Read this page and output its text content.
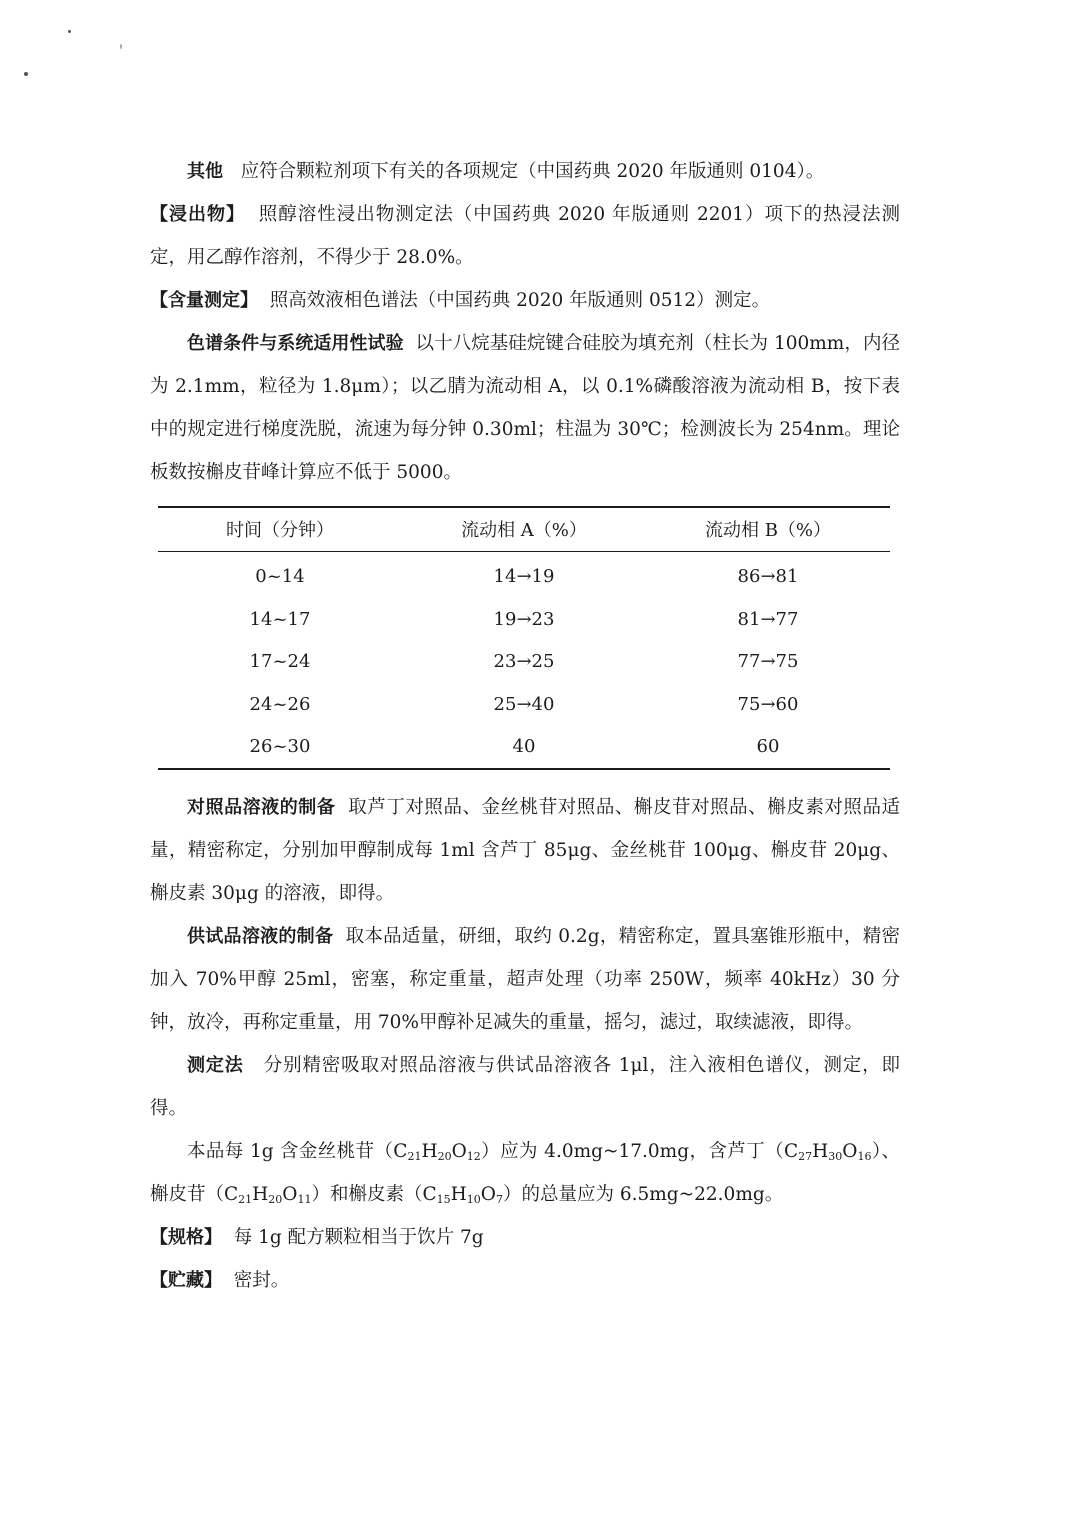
其他 应符合颗粒剂项下有关的各项规定（中国药典 2020 年版通则 0104）。

【浸出物】 照醇溶性浸出物测定法（中国药典 2020 年版通则 2201）项下的热浸法测定，用乙醇作溶剂，不得少于 28.0%。

【含量测定】 照高效液相色谱法（中国药典 2020 年版通则 0512）测定。

色谱条件与系统适用性试验 以十八烷基硅烷键合硅胶为填充剂（柱长为 100mm，内径为 2.1mm，粒径为 1.8μm）；以乙腈为流动相 A，以 0.1%磷酸溶液为流动相 B，按下表中的规定进行梯度洗脱，流速为每分钟 0.30ml；柱温为 30℃；检测波长为 254nm。理论板数按槲皮苷峰计算应不低于 5000。

时间（分钟）	流动相 A（%）	流动相 B（%）
0~14	14→19	86→81
14~17	19→23	81→77
17~24	23→25	77→75
24~26	25→40	75→60
26~30	40	60

对照品溶液的制备 取芦丁对照品、金丝桃苷对照品、槲皮苷对照品、槲皮素对照品适量，精密称定，分别加甲醇制成每 1ml 含芦丁 85μg、金丝桃苷 100μg、槲皮苷 20μg、槲皮素 30μg 的溶液，即得。

供试品溶液的制备 取本品适量，研细，取约 0.2g，精密称定，置具塞锥形瓶中，精密加入 70%甲醇 25ml，密塞，称定重量，超声处理（功率 250W，频率 40kHz）30 分钟，放冷，再称定重量，用 70%甲醇补足减失的重量，摇匀，滤过，取续滤液，即得。

测定法 分别精密吸取对照品溶液与供试品溶液各 1μl，注入液相色谱仪，测定，即得。

本品每 1g 含金丝桃苷$(C_{21}H_{20}O_{12})$应为 4.0mg~17.0mg，含芦丁$(C_{27}H_{30}O_{16})$、槲皮苷$(C_{21}H_{20}O_{11})$和槲皮素$(C_{15}H_{10}O_7)$的总量应为 6.5mg~22.0mg。

【规格】 每 1g 配方颗粒相当于饮片 7g

【贮藏】 密封。
